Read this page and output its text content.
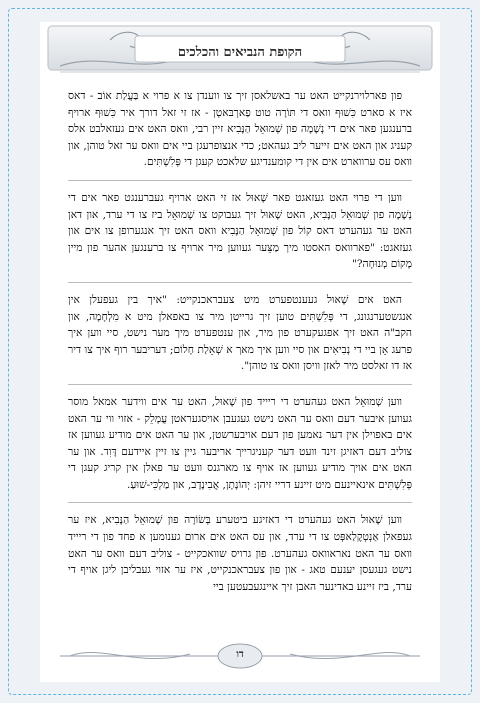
הקופת הנביאים והכלכים

פון פארלוירנקייט האט ער באשלאסן זיך צו ווענדן צו א פרוי א בַּעֲלַת אוֹב - דאס איז א סארט כִּשׁוּף וואס די תּוֹרָה טוט פַארְבּאטְן - אז זי זאל דורך איר כִּשׁוּף ארויף ברענגען פאר אים די נְשָׁמָה פון שְׁמוּאֵל הַנָּבִיא זיין רבי, וואס האט אים געזאלבט אלס קעניג און האט אים זייער ליב געהאט; כדי אנצופרעגן ביי אים וואס ער זאל טוהן, און וואס עס ערווארט אים אין די קומענדיגע שלאכט קעגן די פְּלִשְׁתִּים.

ווען די פרוי האט געזאגט פאר שָׁאוּל אז זי האט ארויף געברענגט פאר אים די נְשָׁמָה פון שְׁמוּאֵל הַנָּבִיא, האט שָׁאוּל זיך געבוקט צו שְׁמוּאֵל ביז צו די ערד, און דאן האט ער געהערט דאס קוֹל פון שְׁמוּאֵל הַנָּבִיא וואס האט זיך אנגערופן צו אים און געזאגט: "פארוואס האסטו מיך מַצֵּער געווען מיר ארויף צו ברענגען אהער פון מיין מָקוֹם מְנוּחָה?"

האט אים שָׁאוּל געענטפערט מיט צעבראכנקייט: "איך בין געפעלן אין אנגשטערנגונג, די פְּלִשְׁתִּים טוען זיך גרייטן מיר צו באפאלן מיט א מִלְחָמָה, און הקב"ה האט זיך אפגעקערט פון מיר, און ענטפערט מיך מער נישט, סיי ווען איך פרעג אָן ביי די נְבִיאִים און סיי ווען איך מאך א שְׁאֵלַת חָלוֹם; דעריבער רוף איך צו דיר אז דו זאלסט מיר לאזן וויסן וואס צו טוהן".

ווען שְׁמוּאֵל האט געהערט די ריייד פון שָׁאוּל, האט ער אים ווידער אמאל מוסר געווען איבער דעם וואס ער האט נישט געגעבן אויסגעראטן עֲמָלֵק - אזוי ווי ער האט אים באפוילן אין דער נאמען פון דעם אויבערשטן, און ער האט אים מודיע געווען אז צוליב דעם דאזיגן זינד וועט דער קעניגרייך אריבער גיין צו זיין איידעם דָּוִד. און ער האט אים אויך מודיע געווען אז אויף צו מארגנס וועט ער פאלן אין קריג קעגן די פְּלִשְׁתִּים אינאיינעם מיט זיינע דריי זיהן: יְהוֹנָתָן, אֲבִינָדָב, און מַלְכִּי-שׁוּעַ.

ווען שָׁאוּל האט געהערט די דאזיגע ביטערע בְּשׂוֹרָה פון שְׁמוּאֵל הַנָּבִיא, איז ער געפאלן אַנְטְקֶלַאפְּט צו די ערד, און עס האט אים ארום גענומען א פחד פון די ריייד וואס ער האט נאראוואס געהערט. פון גרויס שוואכקייט - צוליב דעם וואס ער האט נישט געגעסן יענעם טאג - און פון צעבראכנקייט, איז ער אזוי געבליבן ליגן אויף די ערד, ביז זיינע באדינער האבן זיך איינגעבעטען ביי

דו
